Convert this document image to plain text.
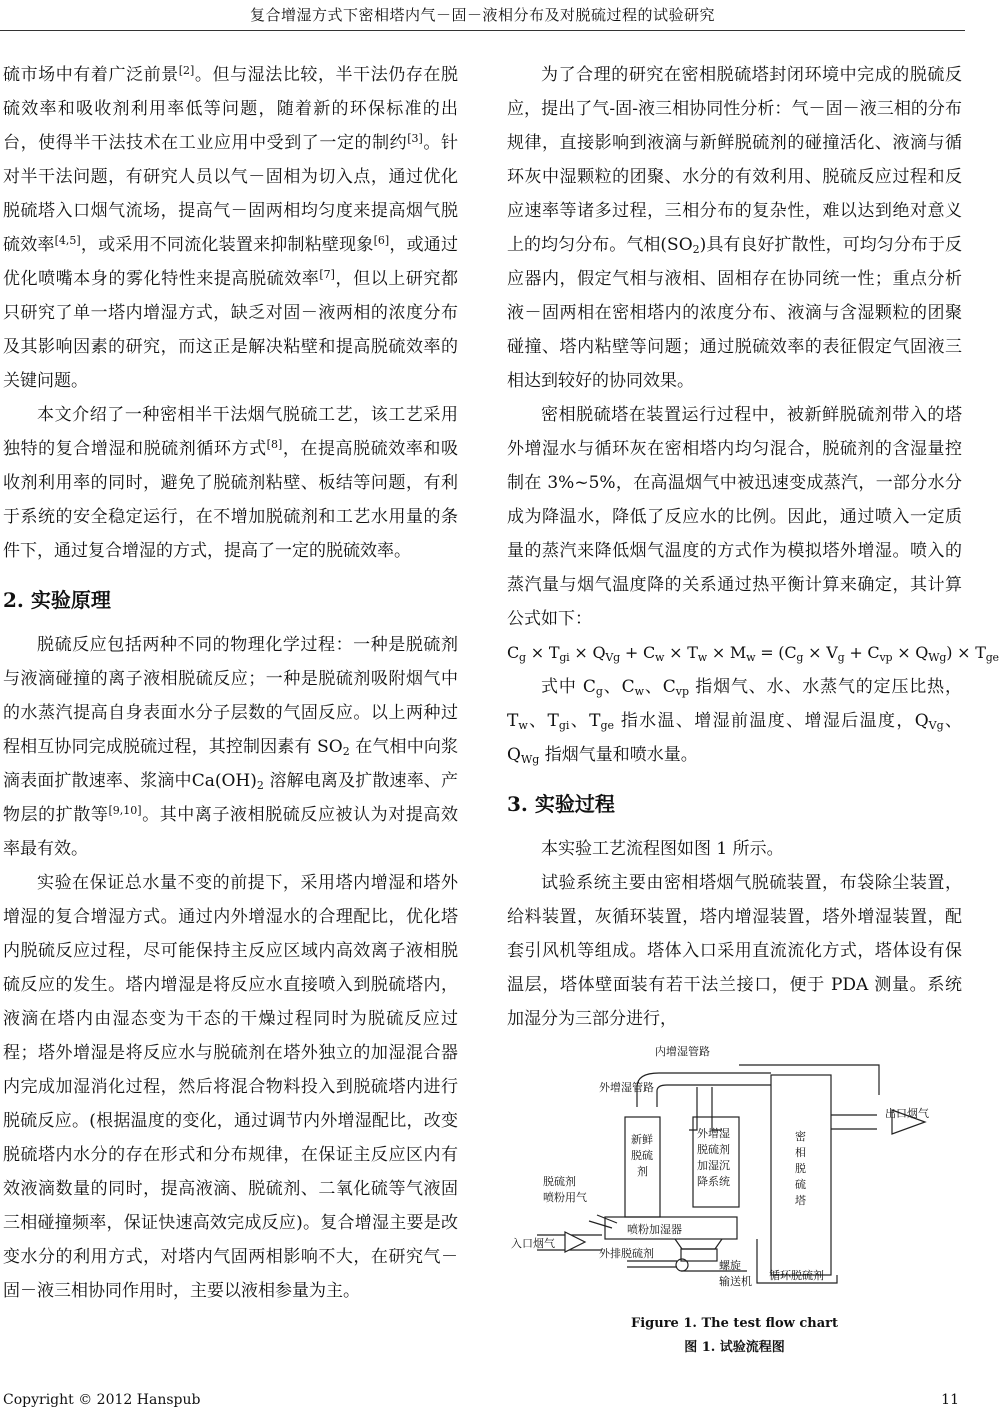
复合增湿方式下密相塔内气－固－液相分布及对脱硫过程的试验研究

硫市场中有着广泛前景[2]。但与湿法比较，半干法仍存在脱硫效率和吸收剂利用率低等问题，随着新的环保标准的出台，使得半干法技术在工业应用中受到了一定的制约[3]。针对半干法问题，有研究人员以气－固相为切入点，通过优化脱硫塔入口烟气流场，提高气－固两相均匀度来提高烟气脱硫效率[4,5]，或采用不同流化装置来抑制粘壁现象[6]，或通过优化喷嘴本身的雾化特性来提高脱硫效率[7]，但以上研究都只研究了单一塔内增湿方式，缺乏对固－液两相的浓度分布及其影响因素的研究，而这正是解决粘壁和提高脱硫效率的关键问题。

本文介绍了一种密相半干法烟气脱硫工艺，该工艺采用独特的复合增湿和脱硫剂循环方式[8]，在提高脱硫效率和吸收剂利用率的同时，避免了脱硫剂粘壁、板结等问题，有利于系统的安全稳定运行，在不增加脱硫剂和工艺水用量的条件下，通过复合增湿的方式，提高了一定的脱硫效率。

2. 实验原理

脱硫反应包括两种不同的物理化学过程：一种是脱硫剂与液滴碰撞的离子液相脱硫反应；一种是脱硫剂吸附烟气中的水蒸汽提高自身表面水分子层数的气固反应。以上两种过程相互协同完成脱硫过程，其控制因素有 $SO_2$ 在气相中向浆滴表面扩散速率、浆滴中$Ca(OH)_2$ 溶解电离及扩散速率、产物层的扩散等[9,10]。其中离子液相脱硫反应被认为对提高效率最有效。

实验在保证总水量不变的前提下，采用塔内增湿和塔外增湿的复合增湿方式。通过内外增湿水的合理配比，优化塔内脱硫反应过程，尽可能保持主反应区域内高效离子液相脱硫反应的发生。塔内增湿是将反应水直接喷入到脱硫塔内，液滴在塔内由湿态变为干态的干燥过程同时为脱硫反应过程；塔外增湿是将反应水与脱硫剂在塔外独立的加湿混合器内完成加湿消化过程，然后将混合物料投入到脱硫塔内进行脱硫反应。(根据温度的变化，通过调节内外增湿配比，改变脱硫塔内水分的存在形式和分布规律，在保证主反应区内有效液滴数量的同时，提高液滴、脱硫剂、二氧化硫等气液固三相碰撞频率，保证快速高效完成反应)。复合增湿主要是改变水分的利用方式，对塔内气固两相影响不大，在研究气－固－液三相协同作用时，主要以液相参量为主。

为了合理的研究在密相脱硫塔封闭环境中完成的脱硫反应，提出了气-固-液三相协同性分析：气－固－液三相的分布规律，直接影响到液滴与新鲜脱硫剂的碰撞活化、液滴与循环灰中湿颗粒的团聚、水分的有效利用、脱硫反应过程和反应速率等诸多过程，三相分布的复杂性，难以达到绝对意义上的均匀分布。气相$(SO_2)$具有良好扩散性，可均匀分布于反应器内，假定气相与液相、固相存在协同统一性；重点分析液－固两相在密相塔内的浓度分布、液滴与含湿颗粒的团聚碰撞、塔内粘壁等问题；通过脱硫效率的表征假定气固液三相达到较好的协同效果。

密相脱硫塔在装置运行过程中，被新鲜脱硫剂带入的塔外增湿水与循环灰在密相塔内均匀混合，脱硫剂的含湿量控制在 3%~5%，在高温烟气中被迅速变成蒸汽，一部分水分成为降温水，降低了反应水的比例。因此，通过喷入一定质量的蒸汽来降低烟气温度的方式作为模拟塔外增湿。喷入的蒸汽量与烟气温度降的关系通过热平衡计算来确定，其计算公式如下：

$C_g \times T_{gi} \times Q_{Vg} + C_w \times T_w \times M_w = (C_g \times V_g + C_{vp} \times Q_{Wg}) \times T_{ge}$

式中 $C_g$、$C_w$、$C_{vp}$ 指烟气、水、水蒸气的定压比热，$T_w$、$T_{gi}$、$T_{ge}$ 指水温、增湿前温度、增湿后温度，$Q_{Vg}$、$Q_{Wg}$ 指烟气量和喷水量。

3. 实验过程

本实验工艺流程图如图 1 所示。

试验系统主要由密相塔烟气脱硫装置，布袋除尘装置，给料装置，灰循环装置，塔内增湿装置，塔外增湿装置，配套引风机等组成。塔体入口采用直流流化方式，塔体设有保温层，塔体壁面装有若干法兰接口，便于 PDA 测量。系统加湿分为三部分进行，

内增湿管路
外增湿管路
出口烟气
新鲜
脱硫
剂
外增湿
脱硫剂
加湿沉
降系统
密
相
脱
硫
塔
脱硫剂
喷粉用气
喷粉加湿器
入口烟气
外排脱硫剂
螺旋
输送机 循环脱硫剂
Figure 1. The test flow chart
图 1. 试验流程图
Copyright © 2012 Hanspub	11
